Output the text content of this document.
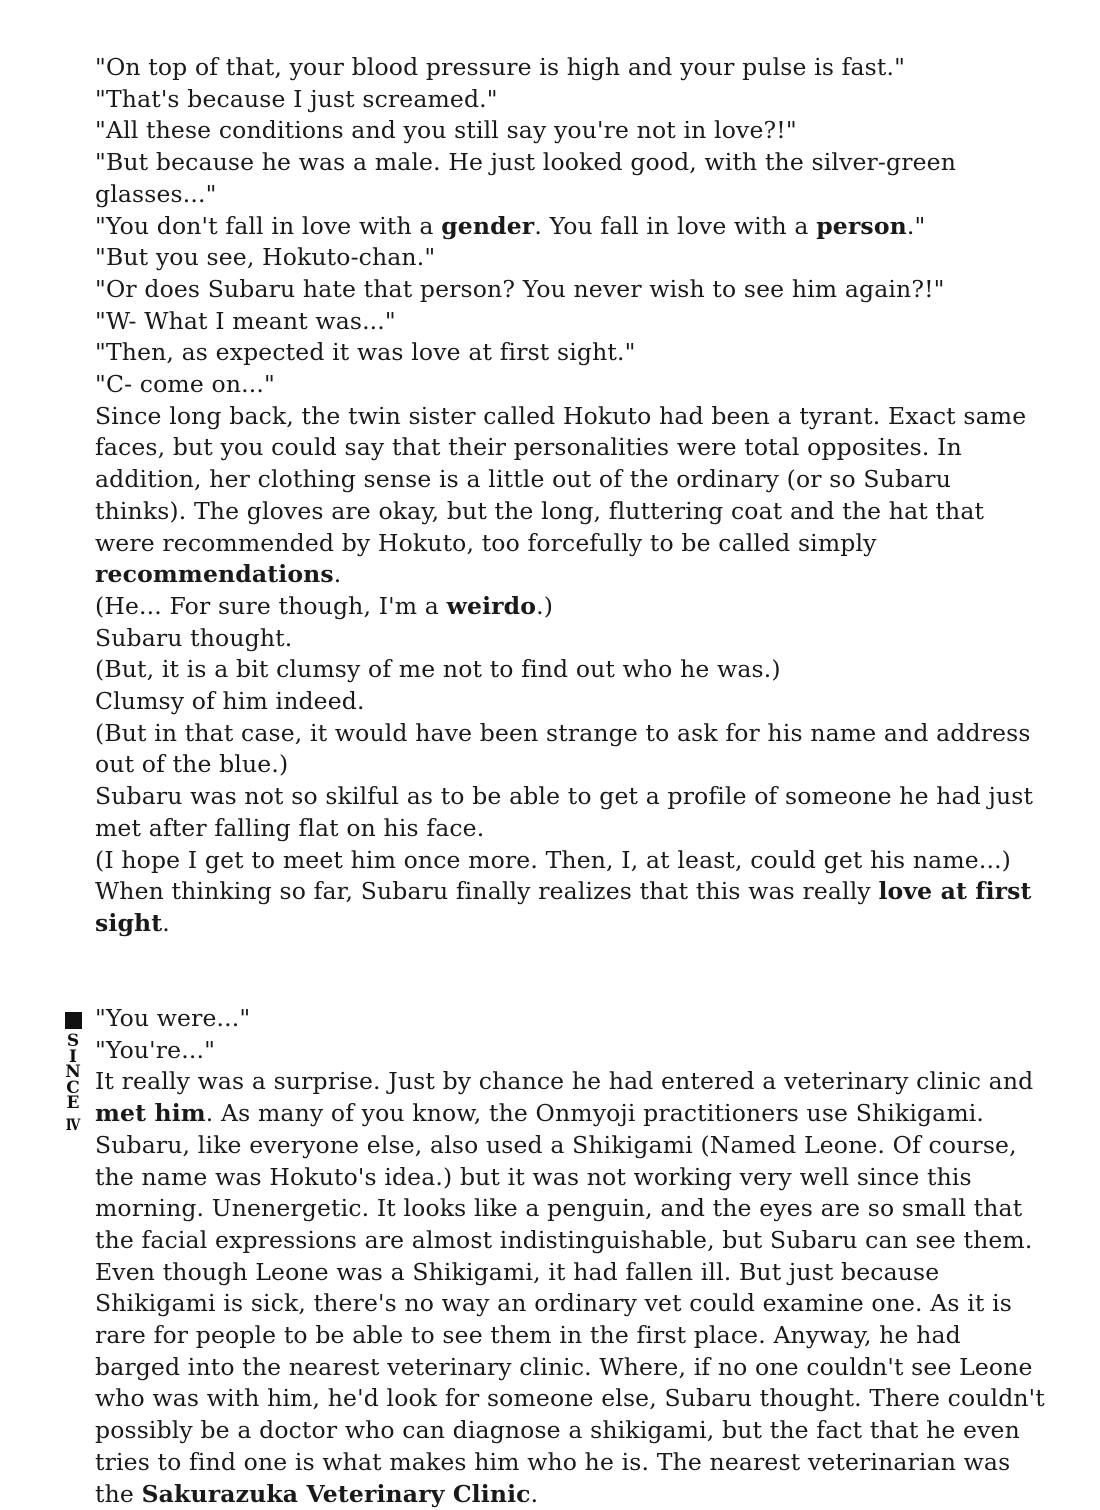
"On top of that, your blood pressure is high and your pulse is fast."

"That's because I just screamed."

"All these conditions and you still say you're not in love?!"

"But because he was a male. He just looked good, with the silver-green glasses..."

"You don't fall in love with a gender. You fall in love with a person."

"But you see, Hokuto-chan."

"Or does Subaru hate that person? You never wish to see him again?!"

"W- What I meant was..."

"Then, as expected it was love at first sight."

"C- come on..."

Since long back, the twin sister called Hokuto had been a tyrant. Exact same faces, but you could say that their personalities were total opposites. In addition, her clothing sense is a little out of the ordinary (or so Subaru thinks). The gloves are okay, but the long, fluttering coat and the hat that were recommended by Hokuto, too forcefully to be called simply recommendations.

(He... For sure though, I'm a weirdo.)

Subaru thought.

(But, it is a bit clumsy of me not to find out who he was.)

Clumsy of him indeed.

(But in that case, it would have been strange to ask for his name and address out of the blue.)

Subaru was not so skilful as to be able to get a profile of someone he had just met after falling flat on his face.

(I hope I get to meet him once more. Then, I, at least, could get his name...)

When thinking so far, Subaru finally realizes that this was really love at first sight.

S
I
N
C
E
Ⅳ

"You were..."

"You're..."

It really was a surprise. Just by chance he had entered a veterinary clinic and met him. As many of you know, the Onmyoji practitioners use Shikigami. Subaru, like everyone else, also used a Shikigami (Named Leone. Of course, the name was Hokuto's idea.) but it was not working very well since this morning. Unenergetic. It looks like a penguin, and the eyes are so small that the facial expressions are almost indistinguishable, but Subaru can see them. Even though Leone was a Shikigami, it had fallen ill. But just because Shikigami is sick, there's no way an ordinary vet could examine one. As it is rare for people to be able to see them in the first place. Anyway, he had barged into the nearest veterinary clinic. Where, if no one couldn't see Leone who was with him, he'd look for someone else, Subaru thought. There couldn't possibly be a doctor who can diagnose a shikigami, but the fact that he even tries to find one is what makes him who he is. The nearest veterinarian was the Sakurazuka Veterinary Clinic.
